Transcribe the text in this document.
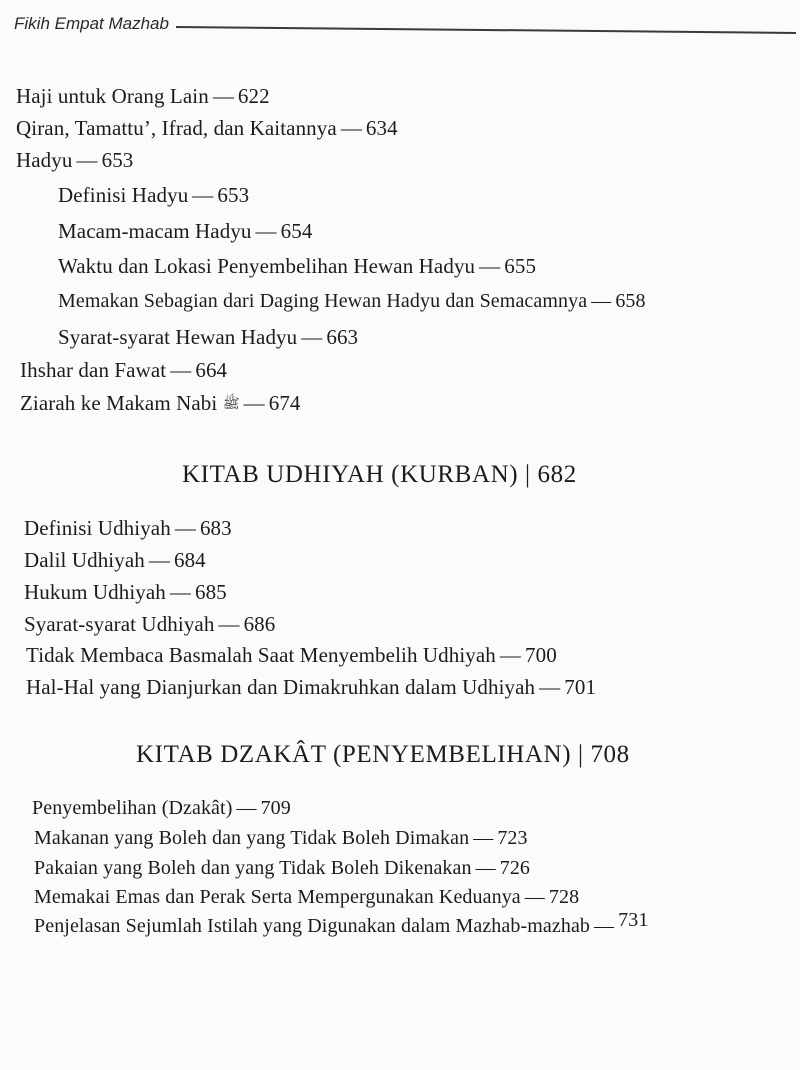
Fikih Empat Mazhab
Haji untuk Orang Lain — 622
Qiran, Tamattu’, Ifrad, dan Kaitannya — 634
Hadyu — 653
Definisi Hadyu — 653
Macam-macam Hadyu — 654
Waktu dan Lokasi Penyembelihan Hewan Hadyu — 655
Memakan Sebagian dari Daging Hewan Hadyu dan Semacamnya — 658
Syarat-syarat Hewan Hadyu — 663
Ihshar dan Fawat — 664
Ziarah ke Makam Nabi ﷺ — 674
KITAB UDHIYAH (KURBAN) | 682
Definisi Udhiyah — 683
Dalil Udhiyah — 684
Hukum Udhiyah — 685
Syarat-syarat Udhiyah — 686
Tidak Membaca Basmalah Saat Menyembelih Udhiyah — 700
Hal-Hal yang Dianjurkan dan Dimakruhkan dalam Udhiyah — 701
KITAB DZAKÂT (PENYEMBELIHAN) | 708
Penyembelihan (Dzakât) — 709
Makanan yang Boleh dan yang Tidak Boleh Dimakan — 723
Pakaian yang Boleh dan yang Tidak Boleh Dikenakan — 726
Memakai Emas dan Perak Serta Mempergunakan Keduanya — 728
Penjelasan Sejumlah Istilah yang Digunakan dalam Mazhab-mazhab — 731
